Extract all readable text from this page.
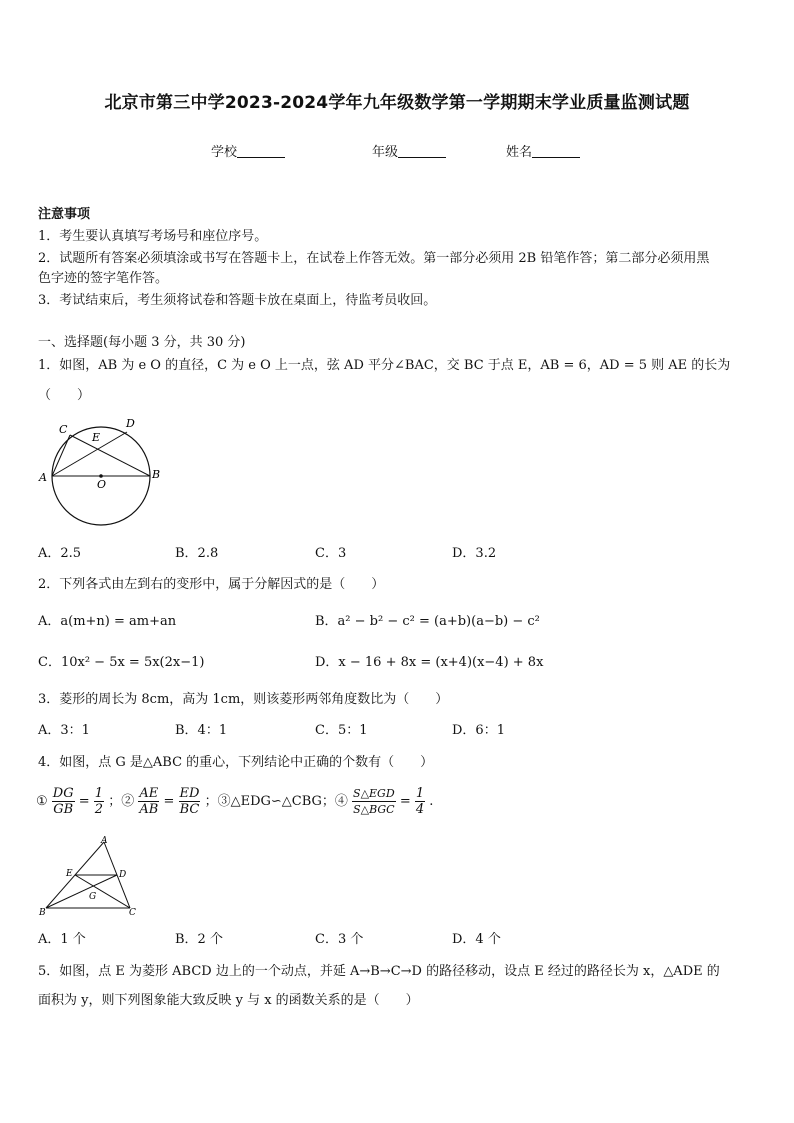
北京市第三中学2023-2024学年九年级数学第一学期期末学业质量监测试题
学校	年级	姓名
注意事项
1．考生要认真填写考场号和座位序号。
2．试题所有答案必须填涂或书写在答题卡上，在试卷上作答无效。第一部分必须用 2B 铅笔作答；第二部分必须用黑
色字迹的签字笔作答。
3．考试结束后，考生须将试卷和答题卡放在桌面上，待监考员收回。
一、选择题(每小题 3 分，共 30 分)
1．如图，AB 为 e O 的直径，C 为 e O 上一点，弦 AD 平分∠BAC，交 BC 于点 E，AB = 6，AD = 5 则 AE 的长为
（　　）
C
E
D
A	B
O
A．2.5	B．2.8	C．3	D．3.2
2．下列各式由左到右的变形中，属于分解因式的是（　　）
A．a(m+n) = am+an	B．a² − b² − c² = (a+b)(a−b) − c²
C．10x² − 5x = 5x(2x−1)	D．x − 16 + 8x = (x+4)(x−4) + 8x
3．菱形的周长为 8cm，高为 1cm，则该菱形两邻角度数比为（　　）
A．3：1	B．4：1	C．5：1	D．6：1
4．如图，点 G 是△ABC 的重心，下列结论中正确的个数有（　　）
① $\frac{DG}{GB} = \frac{1}{2}$ ；② $\frac{AE}{AB} = \frac{ED}{BC}$ ；③△EDG∽△CBG；④ $\frac{\text{S△EGD}}{\text{S△BGC}} = \frac{1}{4}$ .
A
E	D
G
B	C
A．1 个	B．2 个	C．3 个	D．4 个
5．如图，点 E 为菱形 ABCD 边上的一个动点，并延 A→B→C→D 的路径移动，设点 E 经过的路径长为 x，△ADE 的
面积为 y，则下列图象能大致反映 y 与 x 的函数关系的是（　　）
